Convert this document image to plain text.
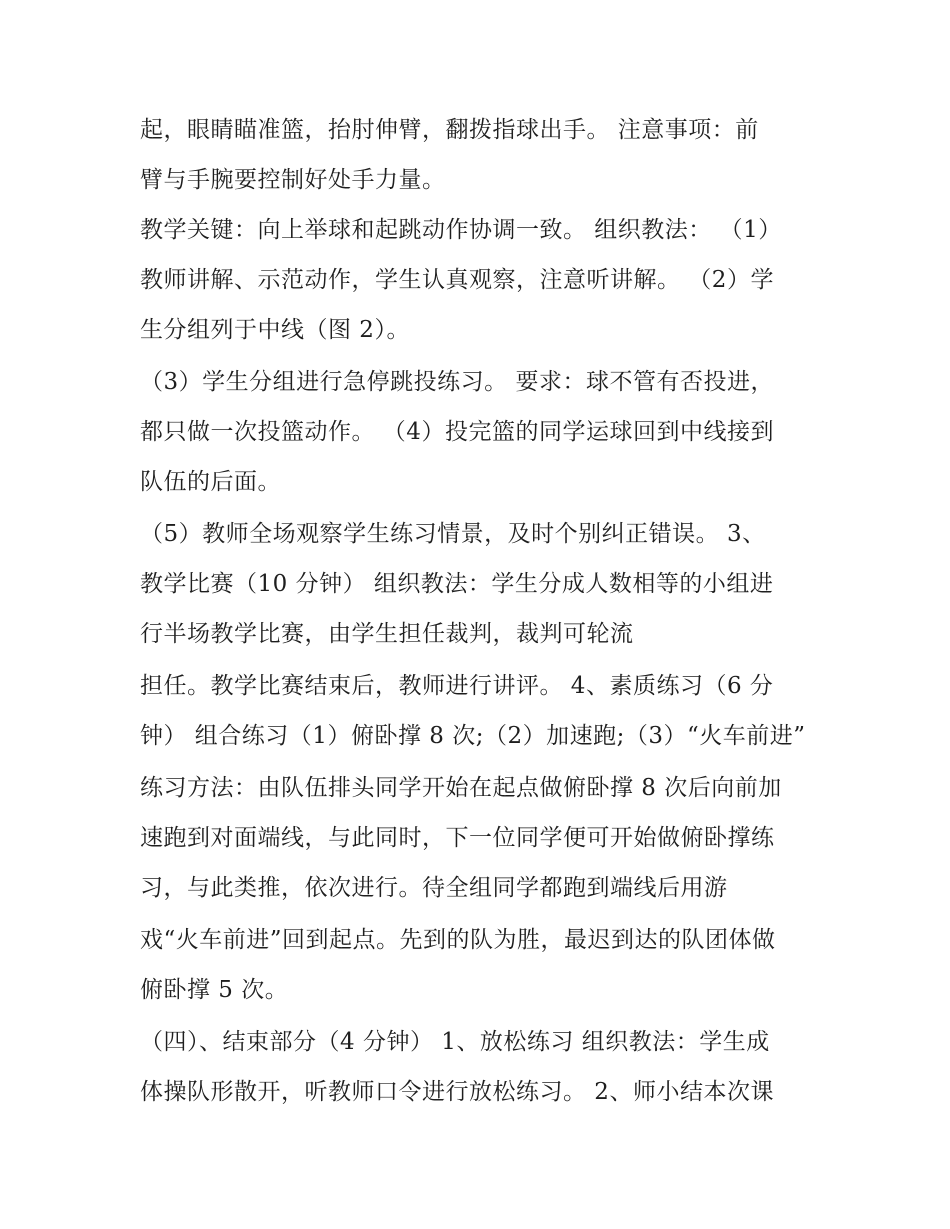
起，眼睛瞄准篮，抬肘伸臂，翻拨指球出手。 注意事项：前
臂与手腕要控制好处手力量。
教学关键：向上举球和起跳动作协调一致。 组织教法： （1）
教师讲解、示范动作，学生认真观察，注意听讲解。 （2）学
生分组列于中线（图 2）。
（3）学生分组进行急停跳投练习。 要求：球不管有否投进，
都只做一次投篮动作。 （4）投完篮的同学运球回到中线接到
队伍的后面。
（5）教师全场观察学生练习情景，及时个别纠正错误。 3、
教学比赛（10 分钟） 组织教法：学生分成人数相等的小组进
行半场教学比赛，由学生担任裁判，裁判可轮流
担任。教学比赛结束后，教师进行讲评。 4、素质练习（6 分
钟） 组合练习（1）俯卧撑 8 次;（2）加速跑;（3）“火车前进”
练习方法：由队伍排头同学开始在起点做俯卧撑 8 次后向前加
速跑到对面端线，与此同时，下一位同学便可开始做俯卧撑练
习，与此类推，依次进行。待全组同学都跑到端线后用游
戏“火车前进”回到起点。先到的队为胜，最迟到达的队团体做
俯卧撑 5 次。
（四）、结束部分（4 分钟） 1、放松练习 组织教法：学生成
体操队形散开，听教师口令进行放松练习。 2、师小结本次课
